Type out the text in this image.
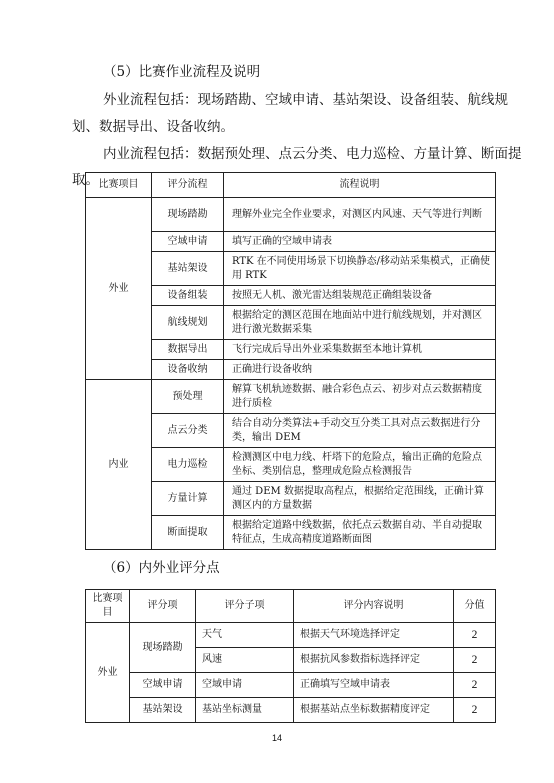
（5）比赛作业流程及说明
外业流程包括：现场踏勘、空域申请、基站架设、设备组装、航线规
划、数据导出、设备收纳。
内业流程包括：数据预处理、点云分类、电力巡检、方量计算、断面提
取。 比赛项目	评分流程	流程说明
外业	现场踏勘	理解外业完全作业要求，对测区内风速、天气等进行判断
	空域申请	填写正确的空域申请表
	基站架设	RTK 在不同使用场景下切换静态/移动站采集模式，正确使用 RTK
	设备组装	按照无人机、激光雷达组装规范正确组装设备
	航线规划	根据给定的测区范围在地面站中进行航线规划，并对测区进行激光数据采集
	数据导出	飞行完成后导出外业采集数据至本地计算机
	设备收纳	正确进行设备收纳
内业	预处理	解算飞机轨迹数据、融合彩色点云、初步对点云数据精度进行质检
	点云分类	结合自动分类算法+手动交互分类工具对点云数据进行分类，输出 DEM
	电力巡检	检测测区中电力线、杆塔下的危险点，输出正确的危险点坐标、类别信息，整理成危险点检测报告
	方量计算	通过 DEM 数据提取高程点，根据给定范围线，正确计算测区内的方量数据
	断面提取	根据给定道路中线数据，依托点云数据自动、半自动提取特征点，生成高精度道路断面图
（6）内外业评分点
比赛项目	评分项	评分子项	评分内容说明	分值
外业	现场踏勘	天气	根据天气环境选择评定	2
		风速	根据抗风参数指标选择评定	2
	空域申请	空域申请	正确填写空域申请表	2
	基站架设	基站坐标测量	根据基站点坐标数据精度评定	2
14
